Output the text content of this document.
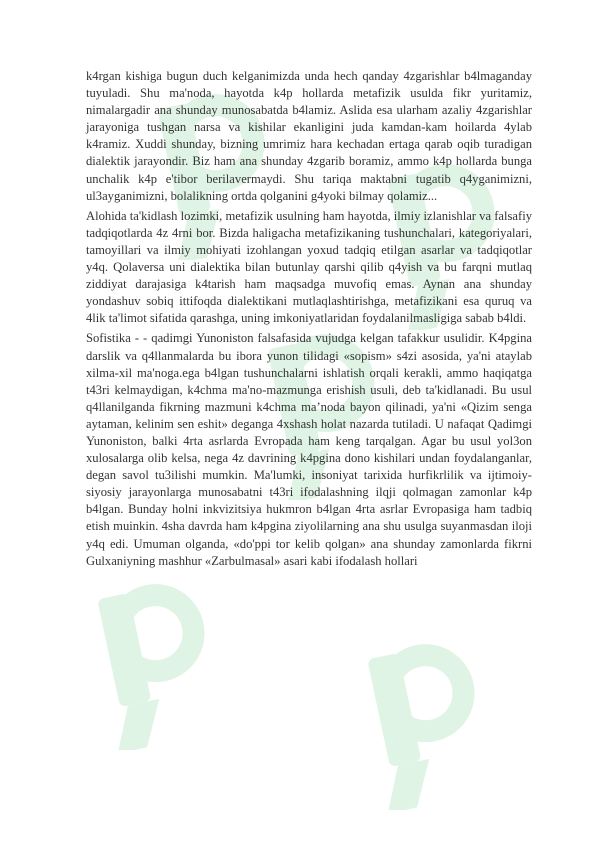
k4rgan kishiga bugun duch kelganimizda unda hech qanday 4zgarishlar b4lmaganday tuyuladi. Shu ma'noda, hayotda k4p hollarda metafizik usulda fikr yuritamiz, nimalargadir ana shunday munosabatda b4lamiz. Aslida esa ularham azaliy 4zgarishlar jarayoniga tushgan narsa va kishilar ekanligini juda kamdan-kam hoilarda 4ylab k4ramiz. Xuddi shunday, bizning umrimiz hara kechadan ertaga qarab oqib turadigan dialektik jarayondir. Biz ham ana shunday 4zgarib boramiz, ammo k4p hollarda bunga unchalik k4p e'tibor berilavermaydi. Shu tariqa maktabni tugatib q4yganimizni, ul3ayganimizni, bolalikning ortda qolganini g4yoki bilmay qolamiz...

Alohida ta'kidlash lozimki, metafizik usulning ham hayotda, ilmiy izlanishlar va falsafiy tadqiqotlarda 4z 4rni bor. Bizda haligacha metafizikaning tushunchalari, kategoriyalari, tamoyillari va ilmiy mohiyati izohlangan yoxud tadqiq etilgan asarlar va tadqiqotlar y4q. Qolaversa uni dialektika bilan butunlay qarshi qilib q4yish va bu farqni mutlaq ziddiyat darajasiga k4tarish ham maqsadga muvofiq emas. Aynan ana shunday yondashuv sobiq ittifoqda dialektikani mutlaqlashtirishga, metafizikani esa quruq va 4lik ta'limot sifatida qarashga, uning imkoniyatlaridan foydalanilmasligiga sabab b4ldi.

Sofistika - - qadimgi Yunoniston falsafasida vujudga kelgan tafakkur usulidir. K4pgina darslik va q4llanmalarda bu ibora yunon tilidagi «sopism» s4zi asosida, ya'ni ataylab xilma-xil ma'noga.ega b4lgan tushunchalarni ishlatish orqali kerakli, ammo haqiqatga t43ri kelmaydigan, k4chma ma'no-mazmunga erishish usuli, deb ta'kidlanadi. Bu usul q4llanilganda fikrning mazmuni k4chma ma’noda bayon qilinadi, ya'ni «Qizim senga aytaman, kelinim sen eshit» deganga 4xshash holat nazarda tutiladi. U nafaqat Qadimgi Yunoniston, balki 4rta asrlarda Evropada ham keng tarqalgan. Agar bu usul yol3on xulosalarga olib kelsa, nega 4z davrining k4pgina dono kishilari undan foydalanganlar, degan savol tu3ilishi mumkin. Ma'lumki, insoniyat tarixida hurfikrlilik va ijtimoiy-siyosiy jarayonlarga munosabatni t43ri ifodalashning ilqji qolmagan zamonlar k4p b4lgan. Bunday holni inkvizitsiya hukmron b4lgan 4rta asrlar Evropasiga ham tadbiq etish muinkin. 4sha davrda ham k4pgina ziyolilarning ana shu usulga suyanmasdan iloji y4q edi. Umuman olganda, «do'ppi tor kelib qolgan» ana shunday zamonlarda fikrni Gulxaniyning mashhur «Zarbulmasal» asari kabi ifodalash hollari
